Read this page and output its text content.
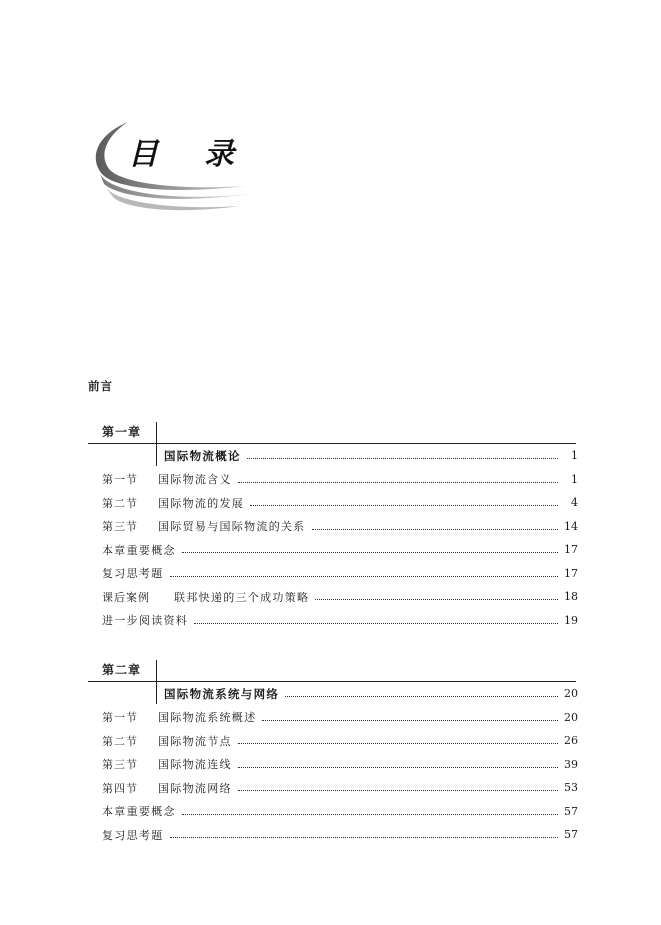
目 录
前言
第一章
国际物流概论	1
第一节	国际物流含义	1
第二节	国际物流的发展	4
第三节	国际贸易与国际物流的关系	14
本章重要概念	17
复习思考题	17
课后案例	联邦快递的三个成功策略	18
进一步阅读资料	19
第二章
国际物流系统与网络	20
第一节	国际物流系统概述	20
第二节	国际物流节点	26
第三节	国际物流连线	39
第四节	国际物流网络	53
本章重要概念	57
复习思考题	57
